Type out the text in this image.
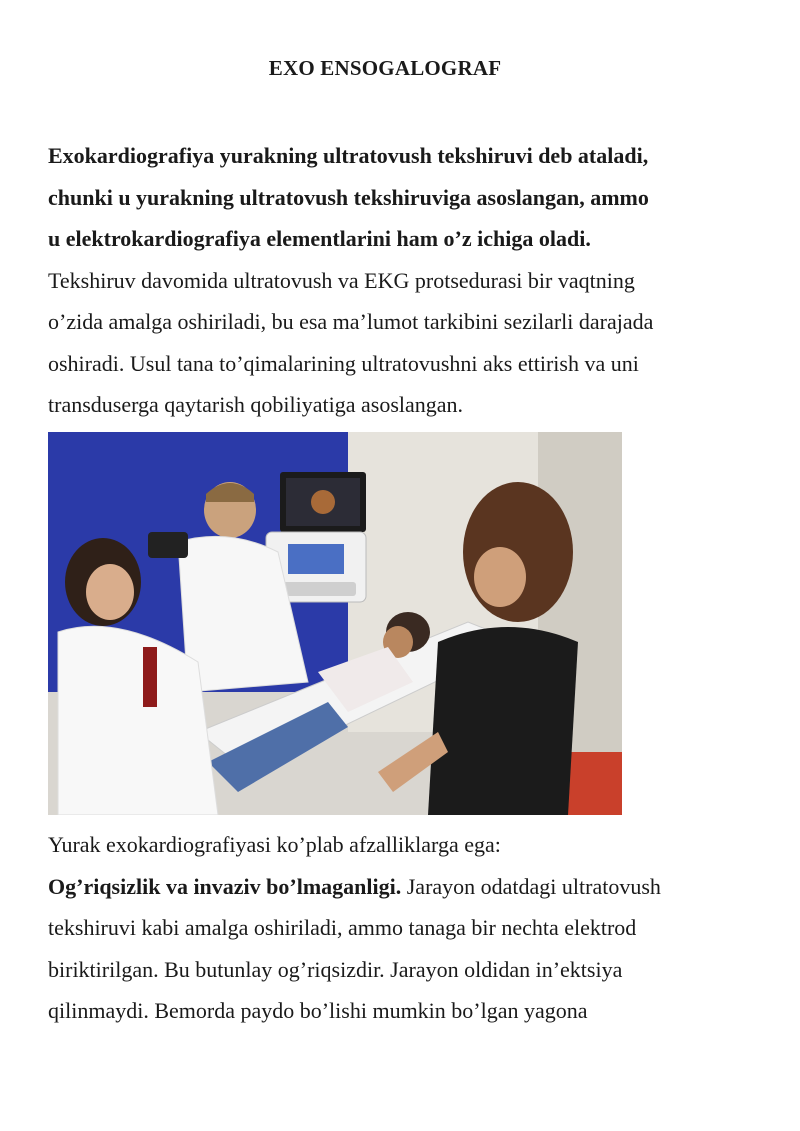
EXO ENSOGALOGRAF
Exokardiografiya yurakning ultratovush tekshiruvi deb ataladi,
chunki u yurakning ultratovush tekshiruviga asoslangan, ammo
u elektrokardiografiya elementlarini ham o’z ichiga oladi.
Tekshiruv davomida ultratovush va EKG protsedurasi bir vaqtning
o’zida amalga oshiriladi, bu esa ma’lumot tarkibini sezilarli darajada
oshiradi. Usul tana to’qimalarining ultratovushni aks ettirish va uni
transduserga qaytarish qobiliyatiga asoslangan.
Yurak exokardiografiyasi ko’plab afzalliklarga ega:
Og’riqsizlik va invaziv bo’lmaganligi. Jarayon odatdagi ultratovush
tekshiruvi kabi amalga oshiriladi, ammo tanaga bir nechta elektrod
biriktirilgan. Bu butunlay og’riqsizdir. Jarayon oldidan in’ektsiya
qilinmaydi. Bemorda paydo bo’lishi mumkin bo’lgan yagona
